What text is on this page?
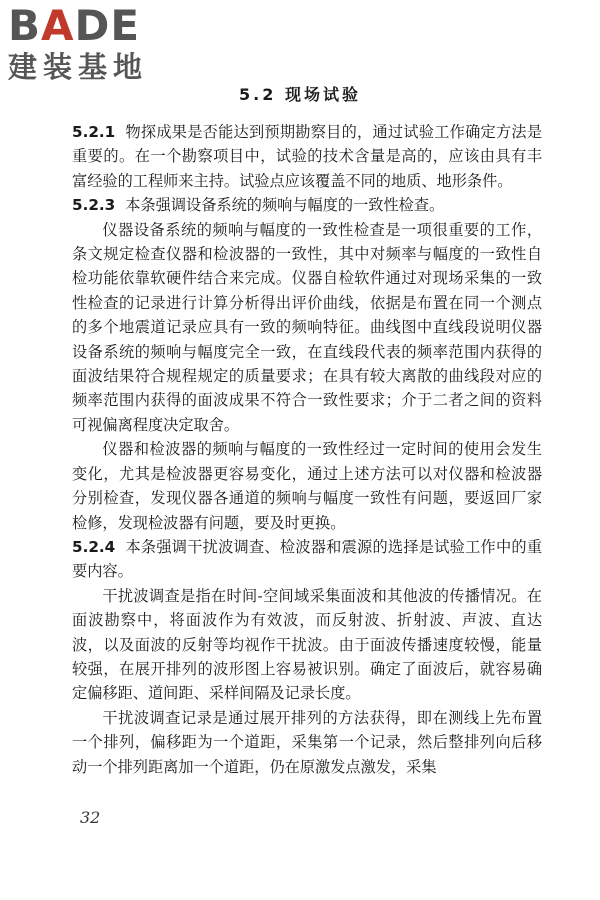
BADE
建装基地
5.2 现场试验

5.2.1 物探成果是否能达到预期勘察目的，通过试验工作确定方法是重要的。在一个勘察项目中，试验的技术含量是高的，应该由具有丰富经验的工程师来主持。试验点应该覆盖不同的地质、地形条件。

5.2.3 本条强调设备系统的频响与幅度的一致性检查。

仪器设备系统的频响与幅度的一致性检查是一项很重要的工作，条文规定检查仪器和检波器的一致性，其中对频率与幅度的一致性自检功能依靠软硬件结合来完成。仪器自检软件通过对现场采集的一致性检查的记录进行计算分析得出评价曲线，依据是布置在同一个测点的多个地震道记录应具有一致的频响特征。曲线图中直线段说明仪器设备系统的频响与幅度完全一致，在直线段代表的频率范围内获得的面波结果符合规程规定的质量要求；在具有较大离散的曲线段对应的频率范围内获得的面波成果不符合一致性要求；介于二者之间的资料可视偏离程度决定取舍。

仪器和检波器的频响与幅度的一致性经过一定时间的使用会发生变化，尤其是检波器更容易变化，通过上述方法可以对仪器和检波器分别检查，发现仪器各通道的频响与幅度一致性有问题，要返回厂家检修，发现检波器有问题，要及时更换。

5.2.4 本条强调干扰波调查、检波器和震源的选择是试验工作中的重要内容。

干扰波调查是指在时间-空间域采集面波和其他波的传播情况。在面波勘察中，将面波作为有效波，而反射波、折射波、声波、直达波，以及面波的反射等均视作干扰波。由于面波传播速度较慢，能量较强，在展开排列的波形图上容易被识别。确定了面波后，就容易确定偏移距、道间距、采样间隔及记录长度。

干扰波调查记录是通过展开排列的方法获得，即在测线上先布置一个排列，偏移距为一个道距，采集第一个记录，然后整排列向后移动一个排列距离加一个道距，仍在原激发点激发，采集

32
